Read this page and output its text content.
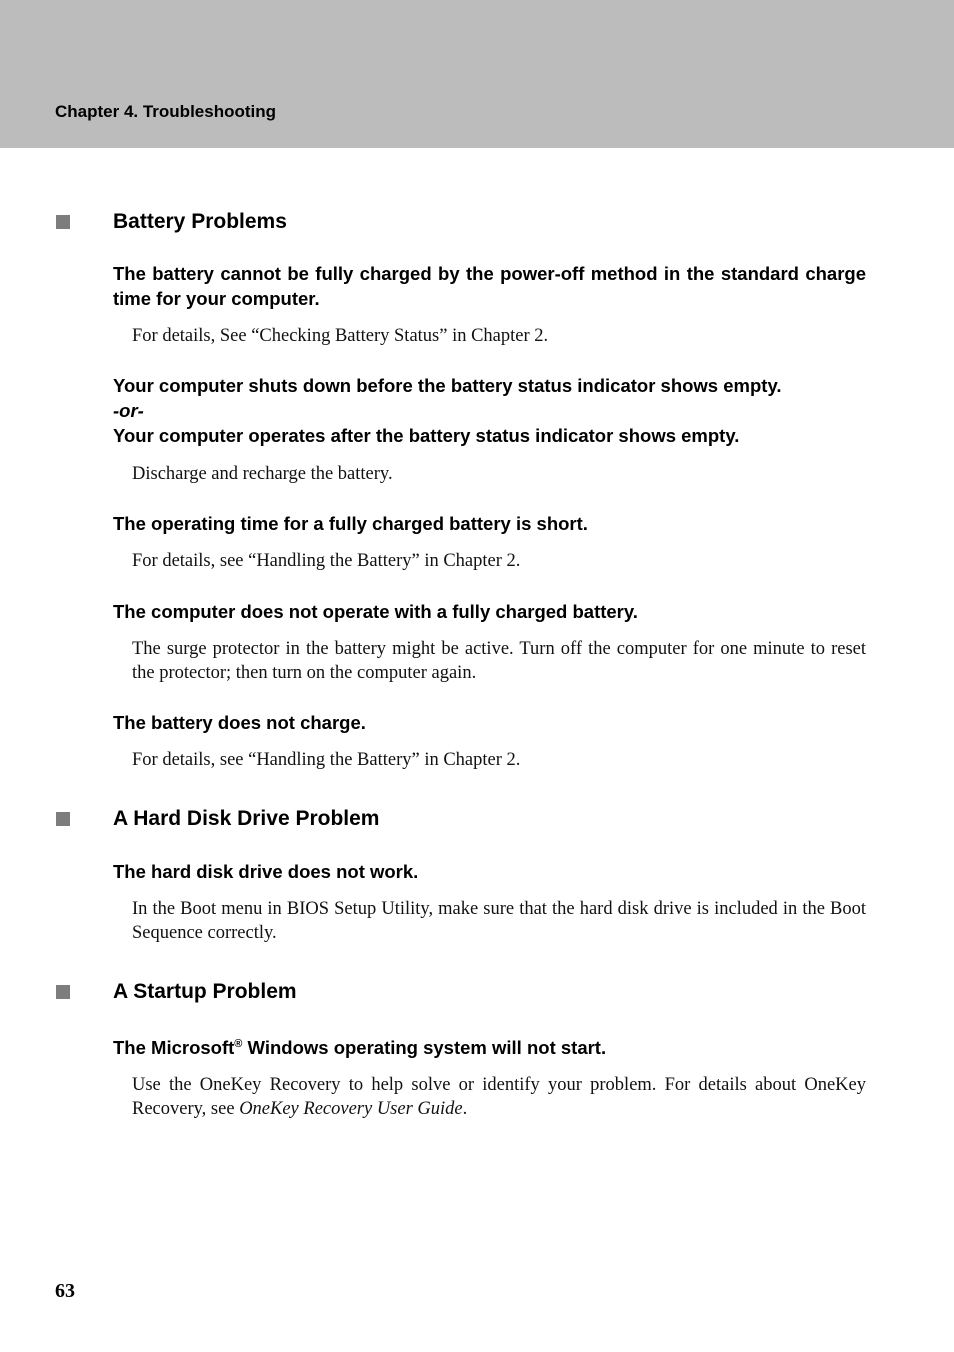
Chapter 4. Troubleshooting
Battery Problems
The battery cannot be fully charged by the power-off method in the standard charge time for your computer.
For details, See “Checking Battery Status” in Chapter 2.
Your computer shuts down before the battery status indicator shows empty.
-or-
Your computer operates after the battery status indicator shows empty.
Discharge and recharge the battery.
The operating time for a fully charged battery is short.
For details, see “Handling the Battery” in Chapter 2.
The computer does not operate with a fully charged battery.
The surge protector in the battery might be active. Turn off the computer for one minute to reset the protector; then turn on the computer again.
The battery does not charge.
For details, see “Handling the Battery” in Chapter 2.
A Hard Disk Drive Problem
The hard disk drive does not work.
In the Boot menu in BIOS Setup Utility, make sure that the hard disk drive is included in the Boot Sequence correctly.
A Startup Problem
The Microsoft® Windows operating system will not start.
Use the OneKey Recovery to help solve or identify your problem. For details about OneKey Recovery, see OneKey Recovery User Guide.
63
